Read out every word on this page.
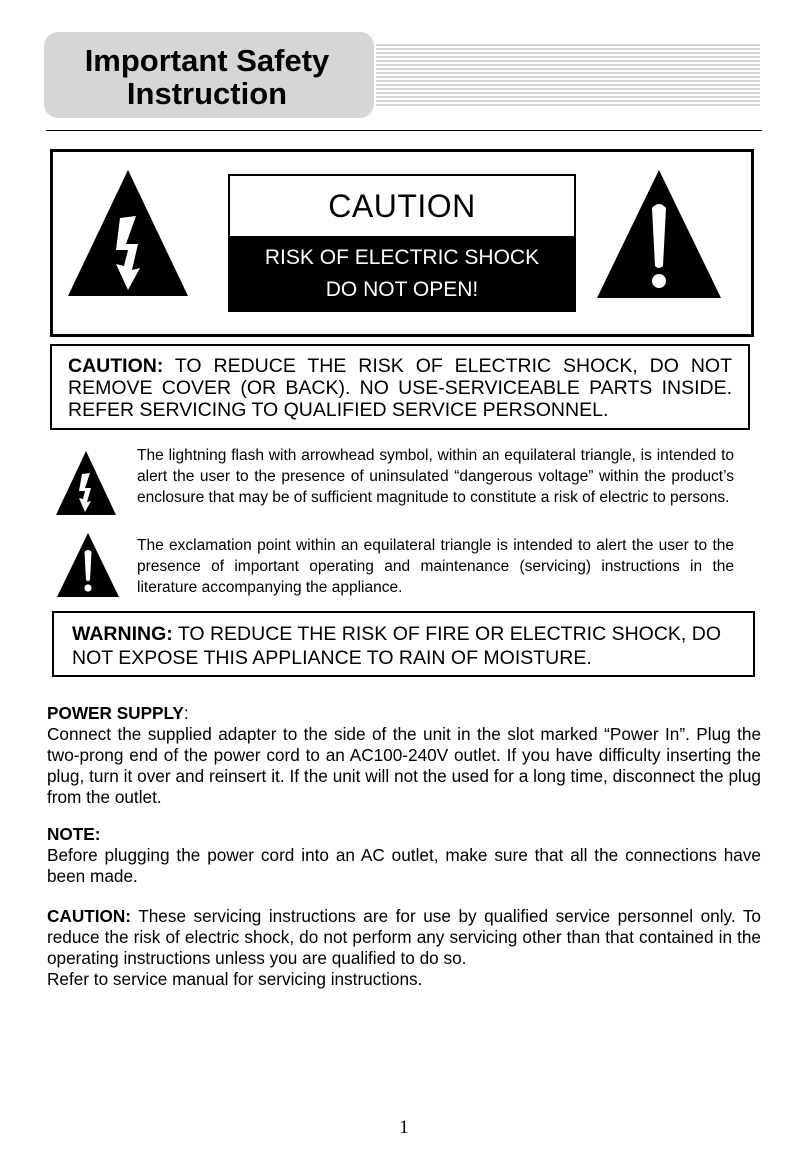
Important Safety
Instruction
CAUTION
RISK OF ELECTRIC SHOCK
DO NOT OPEN!
CAUTION: TO REDUCE THE RISK OF ELECTRIC SHOCK, DO NOT REMOVE COVER (OR BACK). NO USE-SERVICEABLE PARTS INSIDE. REFER SERVICING TO QUALIFIED SERVICE PERSONNEL.
The lightning flash with arrowhead symbol, within an equilateral triangle, is intended to alert the user to the presence of uninsulated “dangerous voltage” within the product’s enclosure that may be of sufficient magnitude to constitute a risk of electric to persons.
The exclamation point within an equilateral triangle is intended to alert the user to the presence of important operating and maintenance (servicing) instructions in the literature accompanying the appliance.
WARNING: TO REDUCE THE RISK OF FIRE OR ELECTRIC SHOCK, DO NOT EXPOSE THIS APPLIANCE TO RAIN OF MOISTURE.
POWER SUPPLY:
Connect the supplied adapter to the side of the unit in the slot marked “Power In”. Plug the two-prong end of the power cord to an AC100-240V outlet. If you have difficulty inserting the plug, turn it over and reinsert it. If the unit will not the used for a long time, disconnect the plug from the outlet.
NOTE:
Before plugging the power cord into an AC outlet, make sure that all the connections have been made.
CAUTION: These servicing instructions are for use by qualified service personnel only. To reduce the risk of electric shock, do not perform any servicing other than that contained in the operating instructions unless you are qualified to do so.
Refer to service manual for servicing instructions.
1
